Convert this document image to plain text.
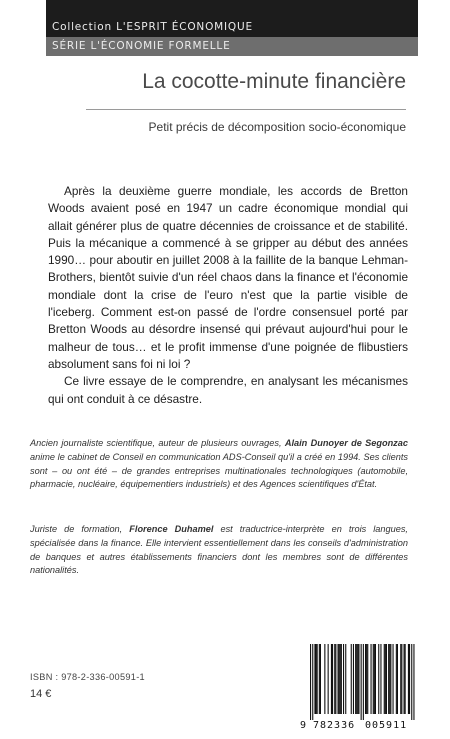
Collection L'ESPRIT ÉCONOMIQUE
SÉRIE L'ÉCONOMIE FORMELLE
La cocotte-minute financière

Petit précis de décomposition socio-économique

Après la deuxième guerre mondiale, les accords de Bretton Woods avaient posé en 1947 un cadre économique mondial qui allait générer plus de quatre décennies de croissance et de stabilité. Puis la mécanique a commencé à se gripper au début des années 1990… pour aboutir en juillet 2008 à la faillite de la banque Lehman-Brothers, bientôt suivie d'un réel chaos dans la finance et l'économie mondiale dont la crise de l'euro n'est que la partie visible de l'iceberg. Comment est-on passé de l'ordre consensuel porté par Bretton Woods au désordre insensé qui prévaut aujourd'hui pour le malheur de tous… et le profit immense d'une poignée de flibustiers absolument sans foi ni loi ?

Ce livre essaye de le comprendre, en analysant les mécanismes qui ont conduit à ce désastre.

Ancien journaliste scientifique, auteur de plusieurs ouvrages, Alain Dunoyer de Segonzac anime le cabinet de Conseil en communication ADS-Conseil qu'il a créé en 1994. Ses clients sont – ou ont été – de grandes entreprises multinationales technologiques (automobile, pharmacie, nucléaire, équipementiers industriels) et des Agences scientifiques d'État.

Juriste de formation, Florence Duhamel est traductrice-interprète en trois langues, spécialisée dans la finance. Elle intervient essentiellement dans les conseils d'administration de banques et autres établissements financiers dont les membres sont de différentes nationalités.

ISBN : 978-2-336-00591-1
14 €
9 782336 005911
